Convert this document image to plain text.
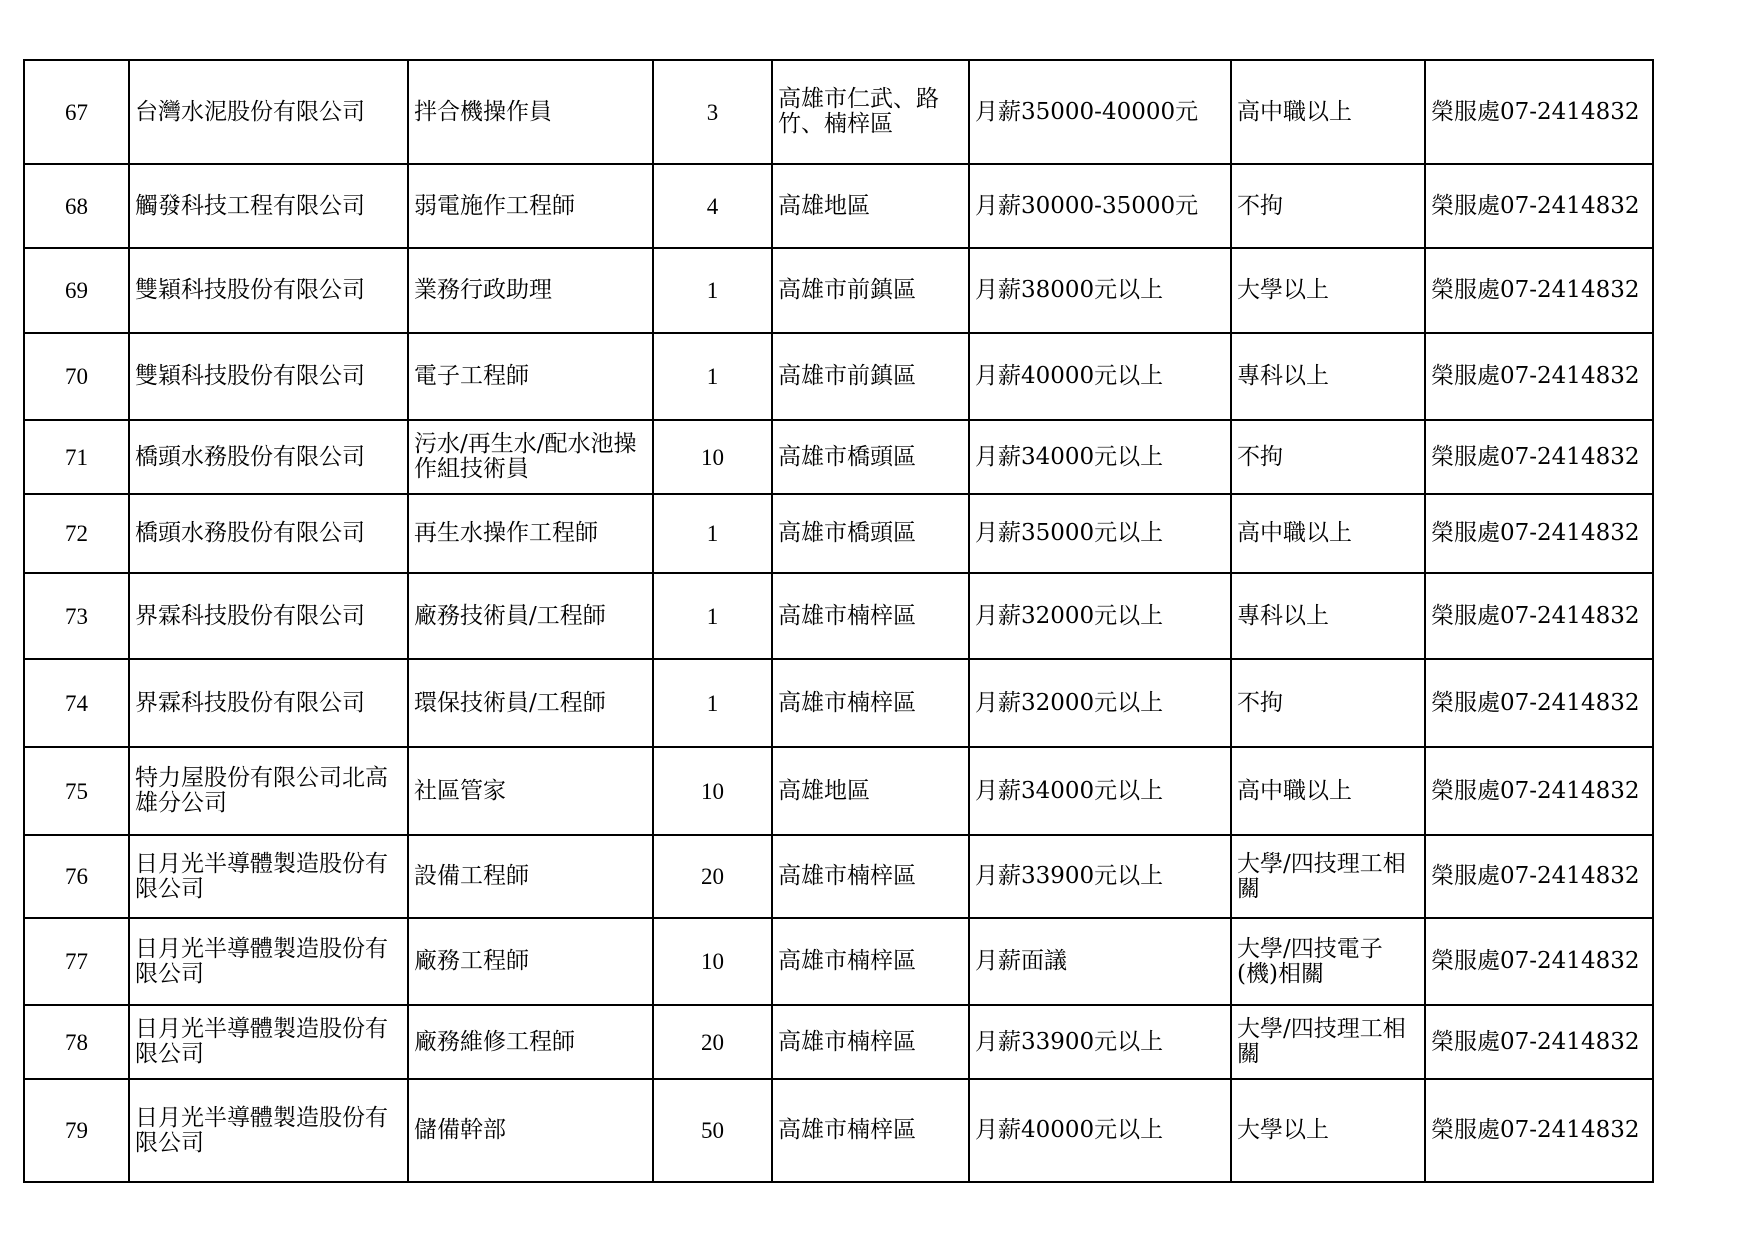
67	台灣水泥股份有限公司	拌合機操作員	3	高雄市仁武、路竹、楠梓區	月薪35000-40000元	高中職以上	榮服處07-2414832
68	觸發科技工程有限公司	弱電施作工程師	4	高雄地區	月薪30000-35000元	不拘	榮服處07-2414832
69	雙穎科技股份有限公司	業務行政助理	1	高雄市前鎮區	月薪38000元以上	大學以上	榮服處07-2414832
70	雙穎科技股份有限公司	電子工程師	1	高雄市前鎮區	月薪40000元以上	專科以上	榮服處07-2414832
71	橋頭水務股份有限公司	污水/再生水/配水池操作組技術員	10	高雄市橋頭區	月薪34000元以上	不拘	榮服處07-2414832
72	橋頭水務股份有限公司	再生水操作工程師	1	高雄市橋頭區	月薪35000元以上	高中職以上	榮服處07-2414832
73	界霖科技股份有限公司	廠務技術員/工程師	1	高雄市楠梓區	月薪32000元以上	專科以上	榮服處07-2414832
74	界霖科技股份有限公司	環保技術員/工程師	1	高雄市楠梓區	月薪32000元以上	不拘	榮服處07-2414832
75	特力屋股份有限公司北高雄分公司	社區管家	10	高雄地區	月薪34000元以上	高中職以上	榮服處07-2414832
76	日月光半導體製造股份有限公司	設備工程師	20	高雄市楠梓區	月薪33900元以上	大學/四技理工相關	榮服處07-2414832
77	日月光半導體製造股份有限公司	廠務工程師	10	高雄市楠梓區	月薪面議	大學/四技電子(機)相關	榮服處07-2414832
78	日月光半導體製造股份有限公司	廠務維修工程師	20	高雄市楠梓區	月薪33900元以上	大學/四技理工相關	榮服處07-2414832
79	日月光半導體製造股份有限公司	儲備幹部	50	高雄市楠梓區	月薪40000元以上	大學以上	榮服處07-2414832
